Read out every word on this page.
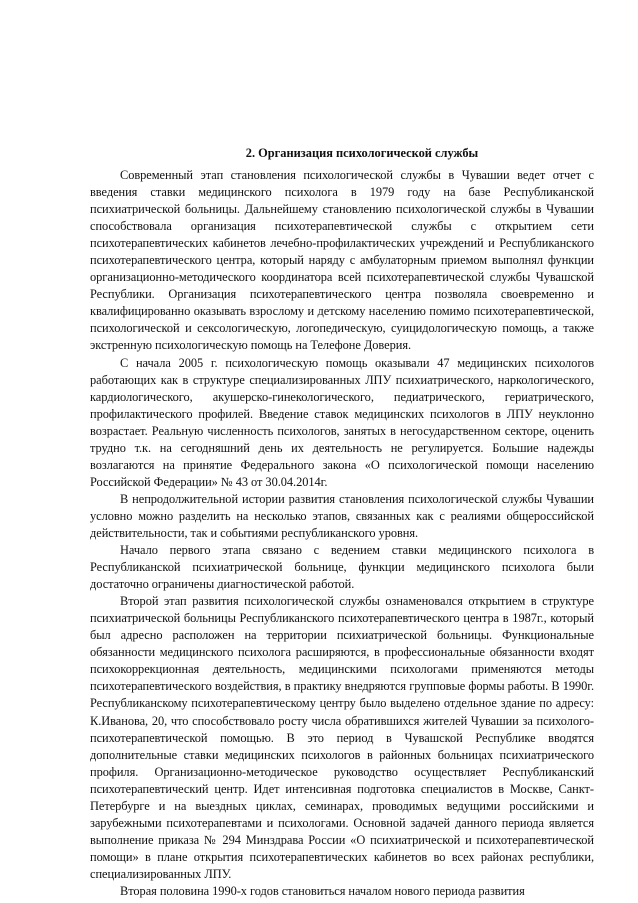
2. Организация психологической службы

Современный этап становления психологической службы в Чувашии ведет отчет с введения ставки медицинского психолога в 1979 году на базе Республиканской психиатрической больницы. Дальнейшему становлению психологической службы в Чувашии способствовала организация психотерапевтической службы с открытием сети психотерапевтических кабинетов лечебно-профилактических учреждений и Республиканского психотерапевтического центра, который наряду с амбулаторным приемом выполнял функции организационно-методического координатора всей психотерапевтической службы Чувашской Республики. Организация психотерапевтического центра позволяла своевременно и квалифицированно оказывать взрослому и детскому населению помимо психотерапевтической, психологической и сексологическую, логопедическую, суицидологическую помощь, а также экстренную психологическую помощь на Телефоне Доверия.

С начала 2005 г. психологическую помощь оказывали 47 медицинских психологов работающих как в структуре специализированных ЛПУ психиатрического, наркологического, кардиологического, акушерско-гинекологического, педиатрического, гериатрического, профилактического профилей. Введение ставок медицинских психологов в ЛПУ неуклонно возрастает. Реальную численность психологов, занятых в негосударственном секторе, оценить трудно т.к. на сегодняшний день их деятельность не регулируется. Большие надежды возлагаются на принятие Федерального закона «О психологической помощи населению Российской Федерации» № 43 от 30.04.2014г.

В непродолжительной истории развития становления психологической службы Чувашии условно можно разделить на несколько этапов, связанных как с реалиями общероссийской действительности, так и событиями республиканского уровня.

Начало первого этапа связано с ведением ставки медицинского психолога в Республиканской психиатрической больнице, функции медицинского психолога были достаточно ограничены диагностической работой.

Второй этап развития психологической службы ознаменовался открытием в структуре психиатрической больницы Республиканского психотерапевтического центра в 1987г., который был адресно расположен на территории психиатрической больницы. Функциональные обязанности медицинского психолога расширяются, в профессиональные обязанности входят психокоррекционная деятельность, медицинскими психологами применяются методы психотерапевтического воздействия, в практику внедряются групповые формы работы. В 1990г. Республиканскому психотерапевтическому центру было выделено отдельное здание по адресу: К.Иванова, 20, что способствовало росту числа обратившихся жителей Чувашии за психолого-психотерапевтической помощью. В это период в Чувашской Республике вводятся дополнительные ставки медицинских психологов в районных больницах психиатрического профиля. Организационно-методическое руководство осуществляет Республиканский психотерапевтический центр. Идет интенсивная подготовка специалистов в Москве, Санкт-Петербурге и на выездных циклах, семинарах, проводимых ведущими российскими и зарубежными психотерапевтами и психологами. Основной задачей данного периода является выполнение приказа № 294 Минздрава России «О психиатрической и психотерапевтической помощи» в плане открытия психотерапевтических кабинетов во всех районах республики, специализированных ЛПУ.

Вторая половина 1990-х годов становиться началом нового периода развития
